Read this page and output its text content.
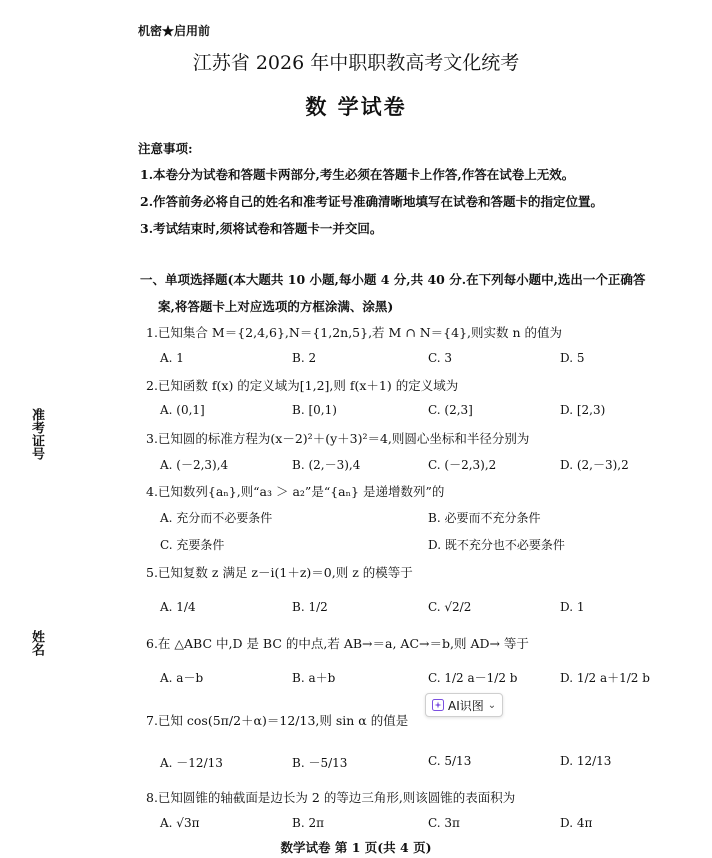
机密★启用前
江苏省 2026 年中职职教高考文化统考
数 学试卷
准考证号
姓名
注意事项:
1.本卷分为试卷和答题卡两部分,考生必须在答题卡上作答,作答在试卷上无效。
2.作答前务必将自己的姓名和准考证号准确清晰地填写在试卷和答题卡的指定位置。
3.考试结束时,须将试卷和答题卡一并交回。
一、单项选择题(本大题共 10 小题,每小题 4 分,共 40 分.在下列每小题中,选出一个正确答
案,将答题卡上对应选项的方框涂满、涂黑)
1.已知集合 M＝{2,4,6},N＝{1,2n,5},若 M ∩ N＝{4},则实数 n 的值为
A. 1	B. 2	C. 3	D. 5
2.已知函数 f(x) 的定义域为[1,2],则 f(x＋1) 的定义域为
A. (0,1]	B. [0,1)	C. (2,3]	D. [2,3)
3.已知圆的标准方程为(x－2)²＋(y＋3)²＝4,则圆心坐标和半径分别为
A. (－2,3),4	B. (2,－3),4	C. (－2,3),2	D. (2,－3),2
4.已知数列{aₙ},则“a₃ ＞ a₂”是“{aₙ} 是递增数列”的
A. 充分而不必要条件	B. 必要而不充分条件
C. 充要条件	D. 既不充分也不必要条件
5.已知复数 z 满足 z－i(1＋z)＝0,则 z 的模等于
A. 1/4	B. 1/2	C. √2/2	D. 1
6.在 △ABC 中,D 是 BC 的中点,若 AB→＝a, AC→＝b,则 AD→ 等于
A. a－b	B. a＋b	C. 1/2 a－1/2 b	D. 1/2 a＋1/2 b
AI识图 ⌄
7.已知 cos(5π/2＋α)＝12/13,则 sin α 的值是
A. －12/13	B. －5/13	C. 5/13	D. 12/13
8.已知圆锥的轴截面是边长为 2 的等边三角形,则该圆锥的表面积为
A. √3π	B. 2π	C. 3π	D. 4π
数学试卷 第 1 页(共 4 页)
